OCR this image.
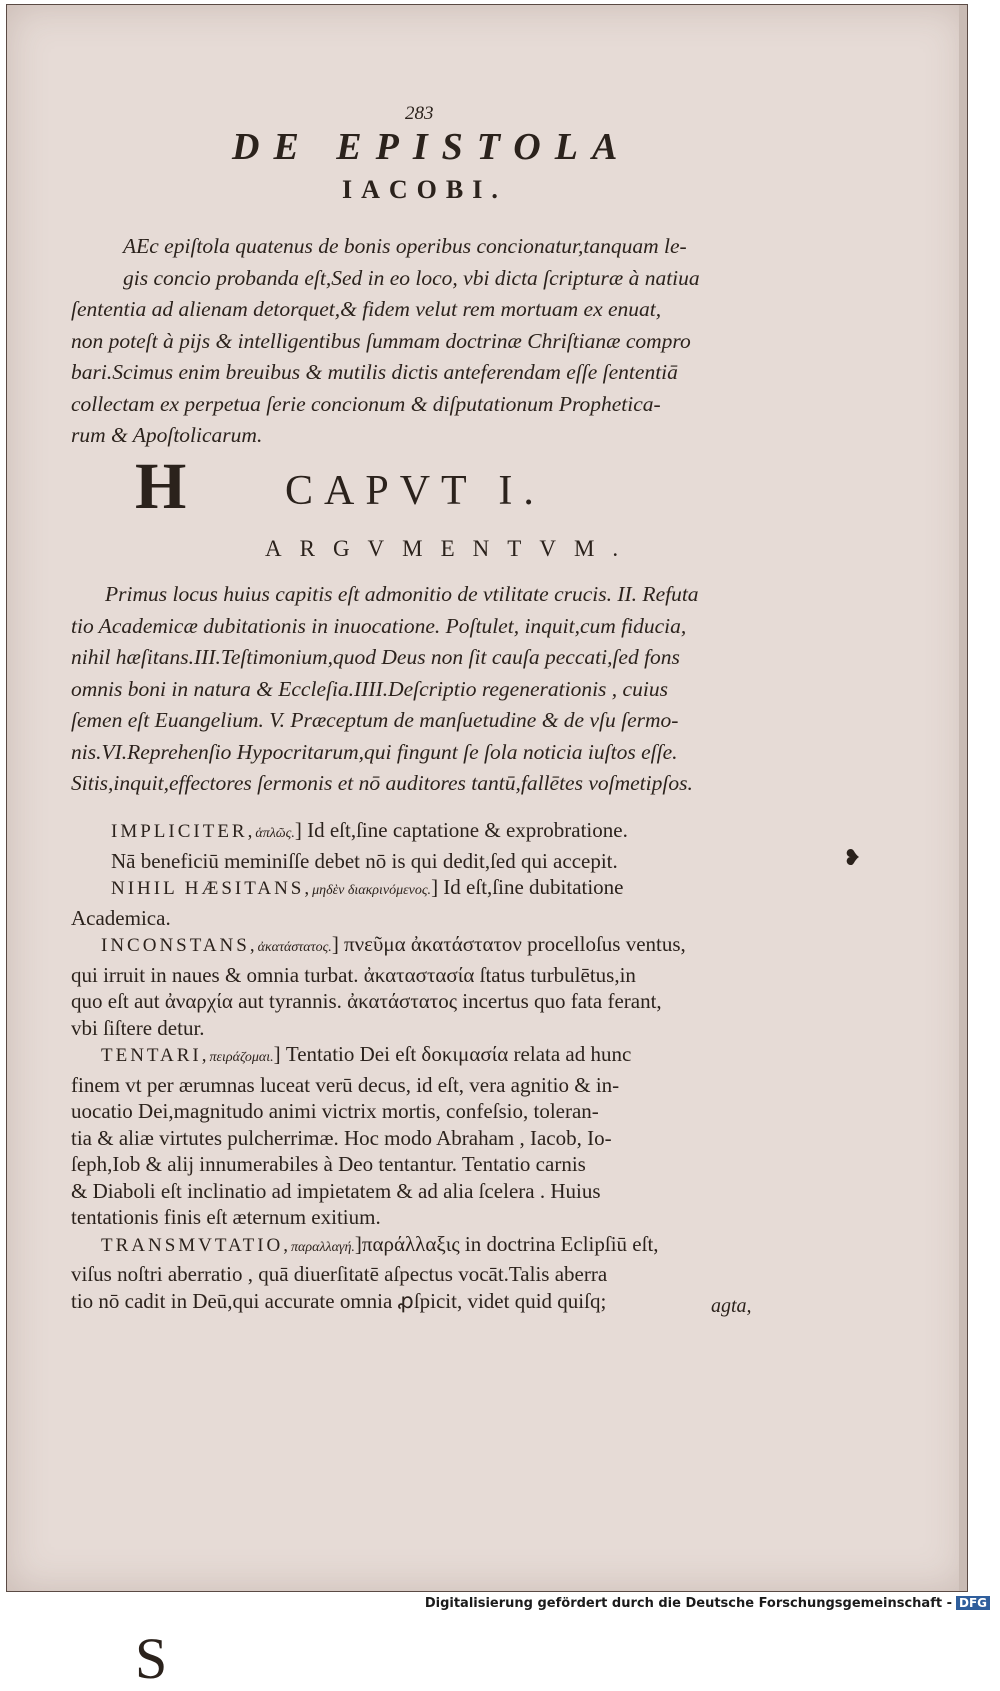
283
DE EPISTOLA
IACOBI.
H
AEc epiſtola quatenus de bonis operibus concionatur,tanquam le-
gis concio probanda eſt,Sed in eo loco, vbi dicta ſcripturæ à natiua
ſententia ad alienam detorquet,& fidem velut rem mortuam ex enuat,
non poteſt à pijs & intelligentibus ſummam doctrinæ Chriſtianæ compro
bari.Scimus enim breuibus & mutilis dictis anteferendam eſſe ſententiā
collectam ex perpetua ſerie concionum & diſputationum Propheticа-
rum & Apoſtolicarum.
CAPVT I.
ARGVMENTVM.
Primus locus huius capitis eſt admonitio de vtilitate crucis. II. Refuta
tio Academicæ dubitationis in inuocatione. Poſtulet, inquit,cum fiducia,
nihil hæſitans.III.Teſtimonium,quod Deus non ſit cauſa peccati,ſed fons
omnis boni in natura & Eccleſia.IIII.Deſcriptio regenerationis , cuius
ſemen eſt Euangelium. V. Præceptum de manſuetudine & de vſu ſermo-
nis.VI.Reprehenſio Hypocritarum,qui fingunt ſe ſola noticia iuſtos eſſe.
Sitis,inquit,effectores ſermonis et nō auditores tantū,fallētes voſmetipſos.
S
IMPLICITER,ἁπλῶς.] Id eſt,ſine captatione & exprobratione.
Nā beneficiū meminiſſe debet nō is qui dedit,ſed qui accepit.
NIHIL HÆSITANS,μηδὲν διακρινόμενος.] Id eſt,ſine dubitatione
Academica.
INCONSTANS,ἀκατάστατος.] πνεῦμα ἀκατάστατον procelloſus ventus,
qui irruit in naues & omnia turbat. ἀκαταστασία ſtatus turbulētus,in
quo eſt aut ἀναρχία aut tyrannis. ἀκατάστατος incertus quo fata ferant,
vbi ſiſtere detur.
TENTARI,πειράζομαι.] Tentatio Dei eſt δοκιμασία relata ad hunc
finem vt per ærumnas luceat verū decus, id eſt, vera agnitio & in-
uocatio Dei,magnitudo animi victrix mortis, confeſsio, toleran-
tia & aliæ virtutes pulcherrimæ. Hoc modo Abraham , Iacob, Io-
ſeph,Iob & alij innumerabiles à Deo tentantur. Tentatio carnis
& Diaboli eſt inclinatio ad impietatem & ad alia ſcelera . Huius
tentationis finis eſt æternum exitium.
TRANSMVTATIO,παραλλαγή.]παράλλαξις in doctrina Eclipſiū eſt,
viſus noſtri aberratio , quā diuerſitatē aſpectus vocāt.Talis aberra
tio nō cadit in Deū,qui accurate omnia ꝓſpicit, videt quid quiſq;
❥
agta,
Digitalisierung gefördert durch die Deutsche Forschungsgemeinschaft - DFG
